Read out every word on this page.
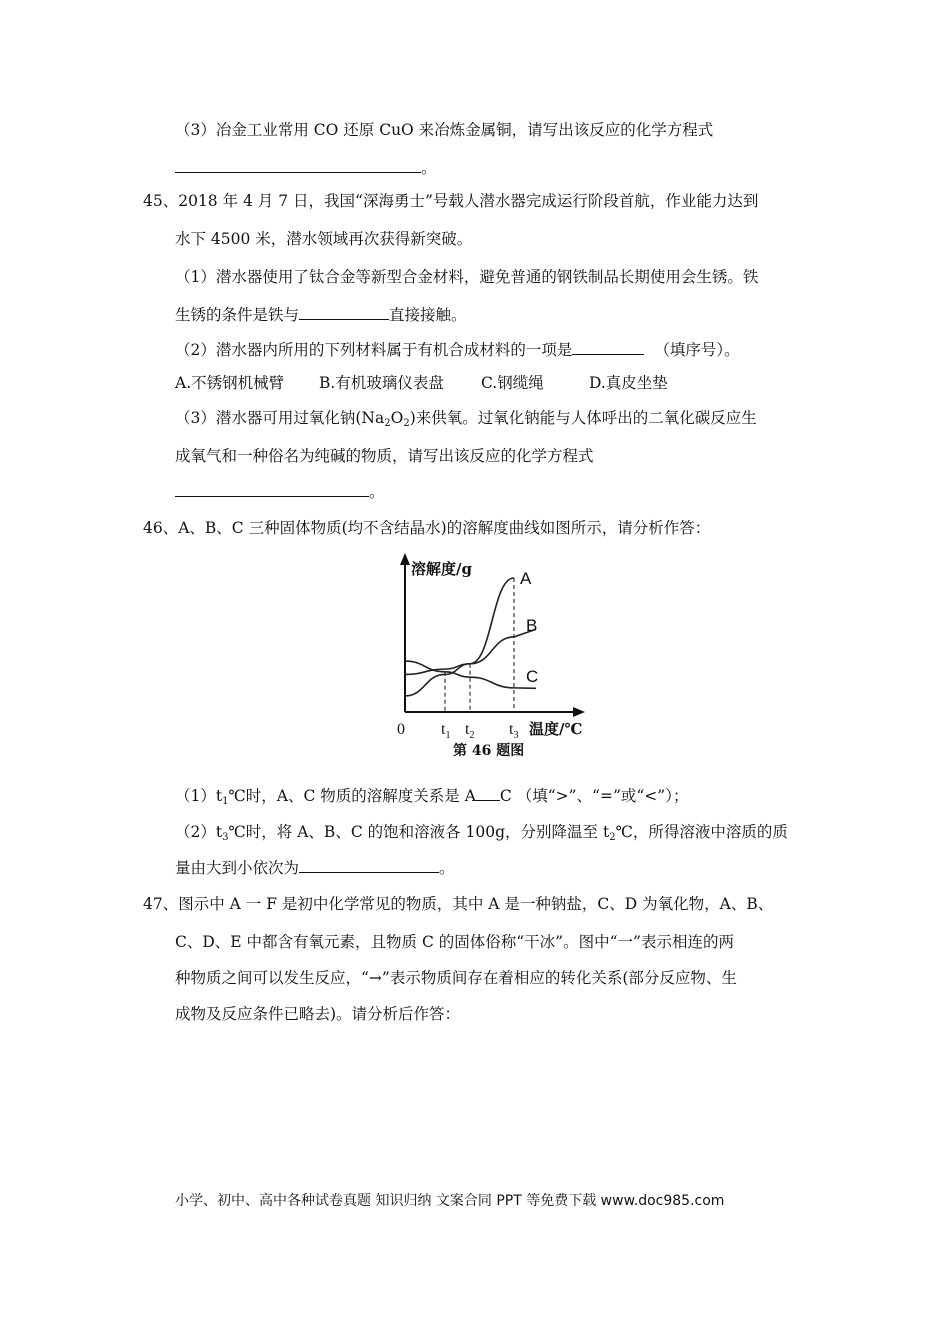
（3）冶金工业常用 CO 还原 CuO 来冶炼金属铜，请写出该反应的化学方程式
。
45、2018 年 4 月 7 日，我国“深海勇士”号载人潜水器完成运行阶段首航，作业能力达到
水下 4500 米，潜水领域再次获得新突破。
（1）潜水器使用了钛合金等新型合金材料，避免普通的钢铁制品长期使用会生锈。铁
生锈的条件是铁与	直接接触。
（2）潜水器内所用的下列材料属于有机合成材料的一项是	（填序号）。
A.不锈钢机械臂 B.有机玻璃仪表盘 C.钢缆绳	D.真皮坐垫
（3）潜水器可用过氧化钠$(Na_2O_2)$来供氧。过氧化钠能与人体呼出的二氧化碳反应生
成氧气和一种俗名为纯碱的物质，请写出该反应的化学方程式
。
46、A、B、C 三种固体物质(均不含结晶水)的溶解度曲线如图所示，请分析作答：
A
B
C
溶解度/g
0 $t_1$ $t_2$ $t_3$ 温度/℃
第 46 题图
$(1)t_1℃$时，A、C 物质的溶解度关系是 A C （填“>”、“=”或“<”）；
$(2)t_3℃$时，将 A、B、C 的饱和溶液各 100g，分别降温至 $t_2℃$，所得溶液中溶质的质
量由大到小依次为	。
47、图示中 A 一 F 是初中化学常见的物质，其中 A 是一种钠盐，C、D 为氧化物，A、B、
C、D、E 中都含有氧元素，且物质 C 的固体俗称“干冰”。图中“一”表示相连的两
种物质之间可以发生反应，“→”表示物质间存在着相应的转化关系(部分反应物、生
成物及反应条件已略去)。请分析后作答：
小学、初中、高中各种试卷真题 知识归纳 文案合同 PPT 等免费下载 www.doc985.com
